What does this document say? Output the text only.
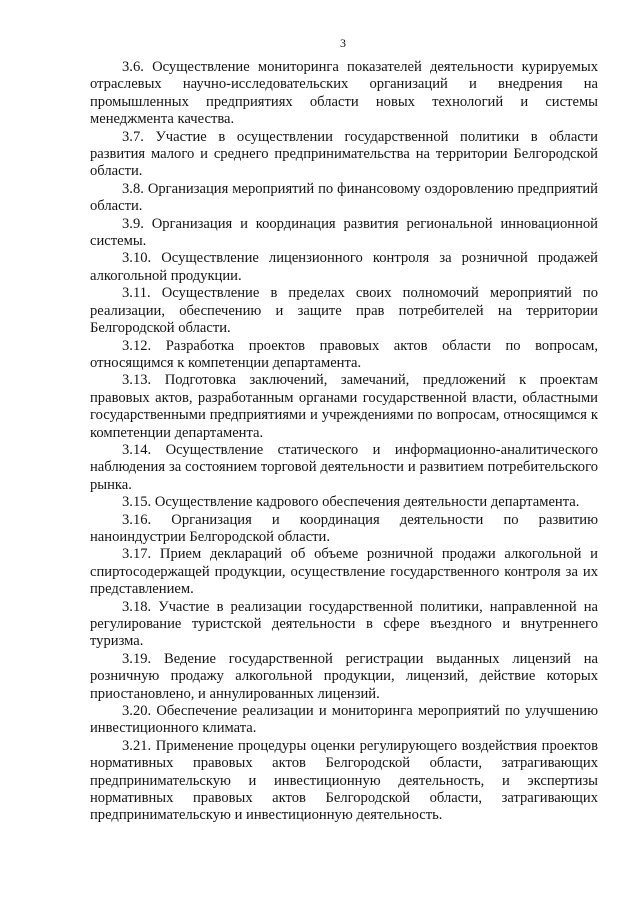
3

3.6. Осуществление мониторинга показателей деятельности курируемых отраслевых научно-исследовательских организаций и внедрения на промышленных предприятиях области новых технологий и системы менеджмента качества.

3.7. Участие в осуществлении государственной политики в области развития малого и среднего предпринимательства на территории Белгородской области.

3.8. Организация мероприятий по финансовому оздоровлению предприятий области.

3.9. Организация и координация развития региональной инновационной системы.

3.10. Осуществление лицензионного контроля за розничной продажей алкогольной продукции.

3.11. Осуществление в пределах своих полномочий мероприятий по реализации, обеспечению и защите прав потребителей на территории Белгородской области.

3.12. Разработка проектов правовых актов области по вопросам, относящимся к компетенции департамента.

3.13. Подготовка заключений, замечаний, предложений к проектам правовых актов, разработанным органами государственной власти, областными государственными предприятиями и учреждениями по вопросам, относящимся к компетенции департамента.

3.14. Осуществление статического и информационно-аналитического наблюдения за состоянием торговой деятельности и развитием потребительского рынка.

3.15. Осуществление кадрового обеспечения деятельности департамента.

3.16. Организация и координация деятельности по развитию наноиндустрии Белгородской области.

3.17. Прием деклараций об объеме розничной продажи алкогольной и спиртосодержащей продукции, осуществление государственного контроля за их представлением.

3.18. Участие в реализации государственной политики, направленной на регулирование туристской деятельности в сфере въездного и внутреннего туризма.

3.19. Ведение государственной регистрации выданных лицензий на розничную продажу алкогольной продукции, лицензий, действие которых приостановлено, и аннулированных лицензий.

3.20. Обеспечение реализации и мониторинга мероприятий по улучшению инвестиционного климата.

3.21. Применение процедуры оценки регулирующего воздействия проектов нормативных правовых актов Белгородской области, затрагивающих предпринимательскую и инвестиционную деятельность, и экспертизы нормативных правовых актов Белгородской области, затрагивающих предпринимательскую и инвестиционную деятельность.
